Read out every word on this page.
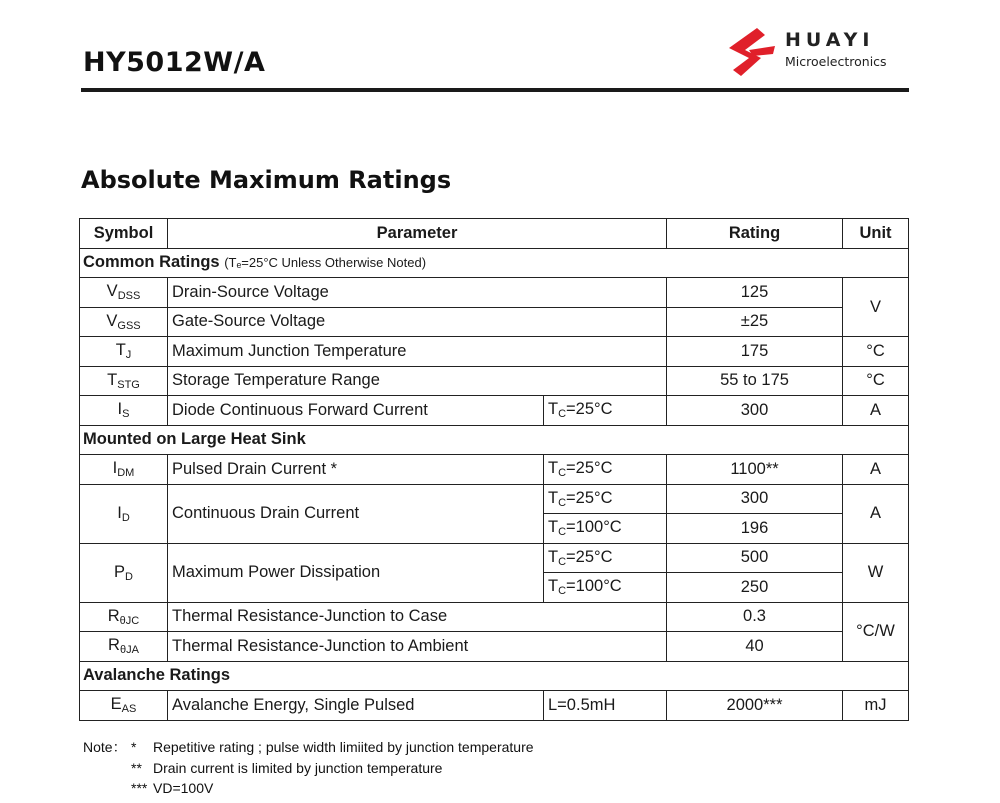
HY5012W/A
HUAYI
Microelectronics
Absolute Maximum Ratings
Symbol	Parameter		Rating	Unit
Common Ratings (Tₑ=25°C Unless Otherwise Noted)				
$V_{DSS}$	Drain-Source Voltage		125	V
$V_{GSS}$	Gate-Source Voltage		±25	
$T_J$	Maximum Junction Temperature		175	°C
$T_{STG}$	Storage Temperature Range		55 to 175	°C
$I_S$	Diode Continuous Forward Current	$T_C=25^\circ C$	300	A
Mounted on Large Heat Sink				
$I_{DM}$	Pulsed Drain Current *	$T_C=25^\circ C$	1100**	A
$I_D$	Continuous Drain Current	$T_C=25^\circ C$	300	A
		$T_C=100^\circ C$	196	
$P_D$	Maximum Power Dissipation	$T_C=25^\circ C$	500	W
		$T_C=100^\circ C$	250	
$R_{\theta JC}$	Thermal Resistance-Junction to Case		0.3	°C/W
$R_{\theta JA}$	Thermal Resistance-Junction to Ambient		40	
Avalanche Ratings				
$E_{AS}$	Avalanche Energy, Single Pulsed	L=0.5mH	2000***	mJ
Note： * Repetitive rating ; pulse width limiited by junction temperature
** Drain current is limited by junction temperature
*** VD=100V
